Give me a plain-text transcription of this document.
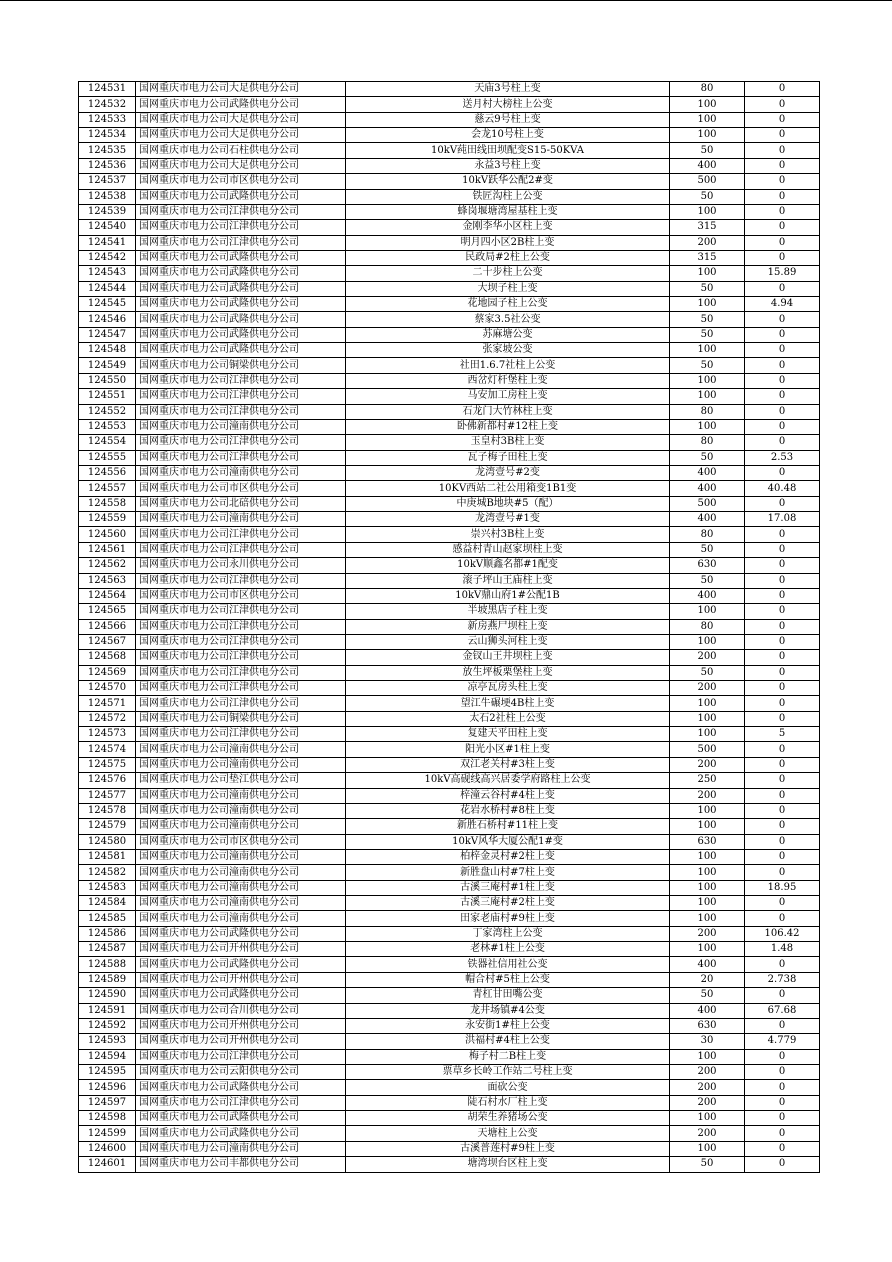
124531	国网重庆市电力公司大足供电分公司	天庙3号柱上变	80	0
124532	国网重庆市电力公司武隆供电分公司	送月村大榜柱上公变	100	0
124533	国网重庆市电力公司大足供电分公司	慈云9号柱上变	100	0
124534	国网重庆市电力公司大足供电分公司	会龙10号柱上变	100	0
124535	国网重庆市电力公司石柱供电分公司	10kV莼田线田坝配变S15-50KVA	50	0
124536	国网重庆市电力公司大足供电分公司	永益3号柱上变	400	0
124537	国网重庆市电力公司市区供电分公司	10kV跃华公配2#变	500	0
124538	国网重庆市电力公司武隆供电分公司	铁匠沟柱上公变	50	0
124539	国网重庆市电力公司江津供电分公司	蜂岗堰塘湾屋基柱上变	100	0
124540	国网重庆市电力公司江津供电分公司	金刚李华小区柱上变	315	0
124541	国网重庆市电力公司江津供电分公司	明月四小区2B柱上变	200	0
124542	国网重庆市电力公司武隆供电分公司	民政局#2柱上公变	315	0
124543	国网重庆市电力公司武隆供电分公司	二十步柱上公变	100	15.89
124544	国网重庆市电力公司武隆供电分公司	大坝子柱上变	50	0
124545	国网重庆市电力公司武隆供电分公司	花地园子柱上公变	100	4.94
124546	国网重庆市电力公司武隆供电分公司	蔡家3.5社公变	50	0
124547	国网重庆市电力公司武隆供电分公司	苏麻塘公变	50	0
124548	国网重庆市电力公司武隆供电分公司	张家坡公变	100	0
124549	国网重庆市电力公司铜梁供电分公司	社田1.6.7社柱上公变	50	0
124550	国网重庆市电力公司江津供电分公司	西岔灯杆堡柱上变	100	0
124551	国网重庆市电力公司江津供电分公司	马安加工房柱上变	100	0
124552	国网重庆市电力公司江津供电分公司	石龙门大竹林柱上变	80	0
124553	国网重庆市电力公司潼南供电分公司	卧佛新都村#12柱上变	100	0
124554	国网重庆市电力公司江津供电分公司	玉皇村3B柱上变	80	0
124555	国网重庆市电力公司江津供电分公司	瓦子梅子田柱上变	50	2.53
124556	国网重庆市电力公司潼南供电分公司	龙湾壹号#2变	400	0
124557	国网重庆市电力公司市区供电分公司	10KV西站二社公用箱变1B1变	400	40.48
124558	国网重庆市电力公司北碚供电分公司	中庚城B地块#5（配）	500	0
124559	国网重庆市电力公司潼南供电分公司	龙湾壹号#1变	400	17.08
124560	国网重庆市电力公司江津供电分公司	崇兴村3B柱上变	80	0
124561	国网重庆市电力公司江津供电分公司	感益村青山赵家坝柱上变	50	0
124562	国网重庆市电力公司永川供电分公司	10kV顺鑫名都#1配变	630	0
124563	国网重庆市电力公司江津供电分公司	滚子坪山王庙柱上变	50	0
124564	国网重庆市电力公司市区供电分公司	10kV鼎山府1#公配1B	400	0
124565	国网重庆市电力公司江津供电分公司	半坡黑店子柱上变	100	0
124566	国网重庆市电力公司江津供电分公司	新房燕尸坝柱上变	80	0
124567	国网重庆市电力公司江津供电分公司	云山狮头河柱上变	100	0
124568	国网重庆市电力公司江津供电分公司	金钗山王井坝柱上变	200	0
124569	国网重庆市电力公司江津供电分公司	放生坪板栗堡柱上变	50	0
124570	国网重庆市电力公司江津供电分公司	凉亭瓦房头柱上变	200	0
124571	国网重庆市电力公司江津供电分公司	望江牛碾埂4B柱上变	100	0
124572	国网重庆市电力公司铜梁供电分公司	太石2社柱上公变	100	0
124573	国网重庆市电力公司江津供电分公司	复建天平田柱上变	100	5
124574	国网重庆市电力公司潼南供电分公司	阳光小区#1柱上变	500	0
124575	国网重庆市电力公司潼南供电分公司	双江老关村#3柱上变	200	0
124576	国网重庆市电力公司垫江供电分公司	10kV高砚线高兴居委学府路柱上公变	250	0
124577	国网重庆市电力公司潼南供电分公司	梓潼云谷村#4柱上变	200	0
124578	国网重庆市电力公司潼南供电分公司	花岩水桥村#8柱上变	100	0
124579	国网重庆市电力公司潼南供电分公司	新胜石桥村#11柱上变	100	0
124580	国网重庆市电力公司市区供电分公司	10kV风华大厦公配1#变	630	0
124581	国网重庆市电力公司潼南供电分公司	柏梓金灵村#2柱上变	100	0
124582	国网重庆市电力公司潼南供电分公司	新胜盘山村#7柱上变	100	0
124583	国网重庆市电力公司潼南供电分公司	古溪三庵村#1柱上变	100	18.95
124584	国网重庆市电力公司潼南供电分公司	古溪三庵村#2柱上变	100	0
124585	国网重庆市电力公司潼南供电分公司	田家老庙村#9柱上变	100	0
124586	国网重庆市电力公司武隆供电分公司	丁家湾柱上公变	200	106.42
124587	国网重庆市电力公司开州供电分公司	老林#1柱上公变	100	1.48
124588	国网重庆市电力公司武隆供电分公司	铁器社信用社公变	400	0
124589	国网重庆市电力公司开州供电分公司	帽合村#5柱上公变	20	2.738
124590	国网重庆市电力公司武隆供电分公司	青杠甘田嘴公变	50	0
124591	国网重庆市电力公司合川供电分公司	龙井场镇#4公变	400	67.68
124592	国网重庆市电力公司开州供电分公司	永安街1#柱上公变	630	0
124593	国网重庆市电力公司开州供电分公司	洪福村#4柱上公变	30	4.779
124594	国网重庆市电力公司江津供电分公司	梅子村二B柱上变	100	0
124595	国网重庆市电力公司云阳供电分公司	票草乡长岭工作站二号柱上变	200	0
124596	国网重庆市电力公司武隆供电分公司	面砍公变	200	0
124597	国网重庆市电力公司江津供电分公司	陡石村水厂柱上变	200	0
124598	国网重庆市电力公司武隆供电分公司	胡荣生养猪场公变	100	0
124599	国网重庆市电力公司武隆供电分公司	天塘柱上公变	200	0
124600	国网重庆市电力公司潼南供电分公司	古溪普莲村#9柱上变	100	0
124601	国网重庆市电力公司丰都供电分公司	塘湾坝台区柱上变	50	0
